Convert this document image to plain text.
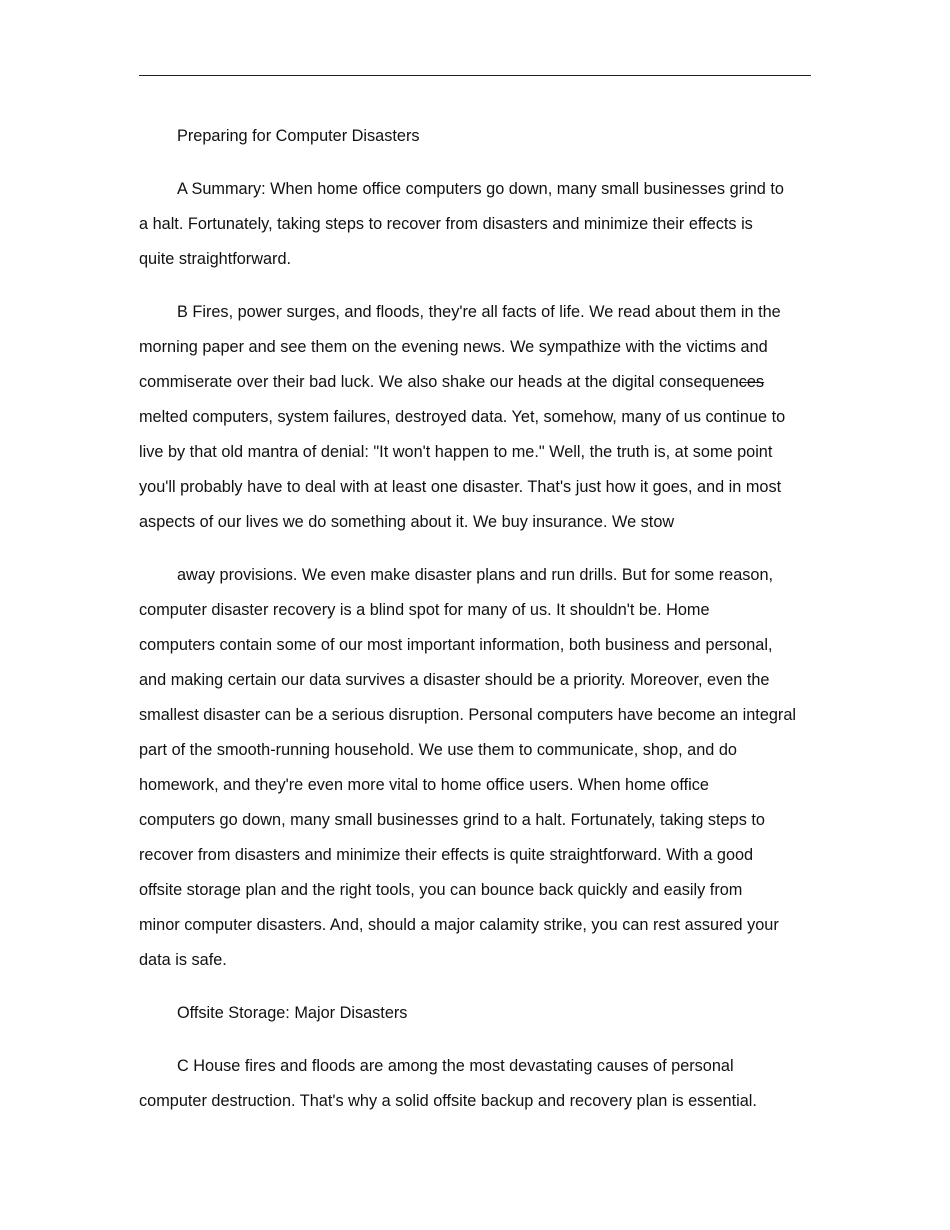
Preparing for Computer Disasters

A Summary: When home office computers go down, many small businesses grind to
a halt. Fortunately, taking steps to recover from disasters and minimize their effects is
quite straightforward.

B Fires, power surges, and floods, they're all facts of life. We read about them in the
morning paper and see them on the evening news. We sympathize with the victims and
commiserate over their bad luck. We also shake our heads at the digital consequences
melted computers, system failures, destroyed data. Yet, somehow, many of us continue to
live by that old mantra of denial: "It won't happen to me." Well, the truth is, at some point
you'll probably have to deal with at least one disaster. That's just how it goes, and in most
aspects of our lives we do something about it. We buy insurance. We stow

away provisions. We even make disaster plans and run drills. But for some reason,
computer disaster recovery is a blind spot for many of us. It shouldn't be. Home
computers contain some of our most important information, both business and personal,
and making certain our data survives a disaster should be a priority. Moreover, even the
smallest disaster can be a serious disruption. Personal computers have become an integral
part of the smooth-running household. We use them to communicate, shop, and do
homework, and they're even more vital to home office users. When home office
computers go down, many small businesses grind to a halt. Fortunately, taking steps to
recover from disasters and minimize their effects is quite straightforward. With a good
offsite storage plan and the right tools, you can bounce back quickly and easily from
minor computer disasters. And, should a major calamity strike, you can rest assured your
data is safe.

Offsite Storage: Major Disasters

C House fires and floods are among the most devastating causes of personal
computer destruction. That's why a solid offsite backup and recovery plan is essential.
